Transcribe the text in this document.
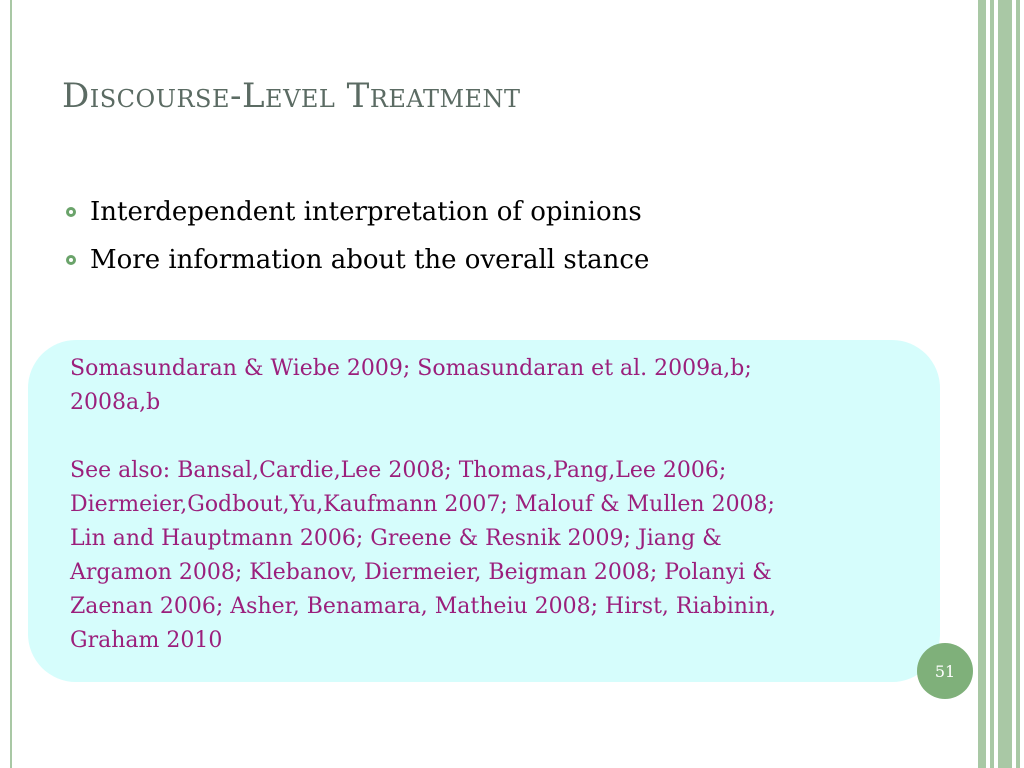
Discourse-Level Treatment
Interdependent interpretation of opinions
More information about the overall stance

Somasundaran & Wiebe 2009; Somasundaran et al. 2009a,b;

2008a,b

See also: Bansal,Cardie,Lee 2008; Thomas,Pang,Lee 2006;

Diermeier,Godbout,Yu,Kaufmann 2007; Malouf & Mullen 2008;

Lin and Hauptmann 2006; Greene & Resnik 2009; Jiang &

Argamon 2008; Klebanov, Diermeier, Beigman 2008; Polanyi &

Zaenan 2006; Asher, Benamara, Matheiu 2008; Hirst, Riabinin,

Graham 2010

51
